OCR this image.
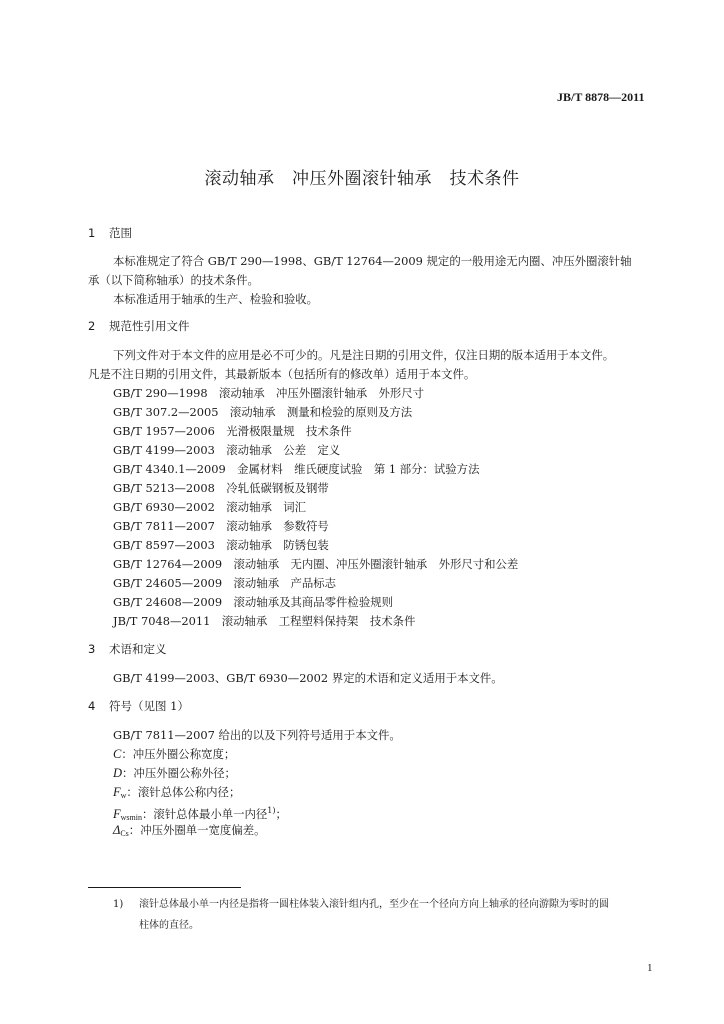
JB/T 8878—2011
滚动轴承　冲压外圈滚针轴承　技术条件
1 范围
本标准规定了符合 GB/T 290—1998、GB/T 12764—2009 规定的一般用途无内圈、冲压外圈滚针轴
承（以下简称轴承）的技术条件。
本标准适用于轴承的生产、检验和验收。
2 规范性引用文件
下列文件对于本文件的应用是必不可少的。凡是注日期的引用文件，仅注日期的版本适用于本文件。
凡是不注日期的引用文件，其最新版本（包括所有的修改单）适用于本文件。
GB/T 290—1998　滚动轴承　冲压外圈滚针轴承　外形尺寸
GB/T 307.2—2005　滚动轴承　测量和检验的原则及方法
GB/T 1957—2006　光滑极限量规　技术条件
GB/T 4199—2003　滚动轴承　公差　定义
GB/T 4340.1—2009　金属材料　维氏硬度试验　第 1 部分：试验方法
GB/T 5213—2008　冷轧低碳钢板及钢带
GB/T 6930—2002　滚动轴承　词汇
GB/T 7811—2007　滚动轴承　参数符号
GB/T 8597—2003　滚动轴承　防锈包装
GB/T 12764—2009　滚动轴承　无内圈、冲压外圈滚针轴承　外形尺寸和公差
GB/T 24605—2009　滚动轴承　产品标志
GB/T 24608—2009　滚动轴承及其商品零件检验规则
JB/T 7048—2011　滚动轴承　工程塑料保持架　技术条件
3 术语和定义
GB/T 4199—2003、GB/T 6930—2002 界定的术语和定义适用于本文件。
4 符号（见图 1）
GB/T 7811—2007 给出的以及下列符号适用于本文件。
C：冲压外圈公称宽度；
D：冲压外圈公称外径；
$F_w$：滚针总体公称内径；
$F_{wsmin}$：滚针总体最小单一内径$^{1)}$；
$\Delta_{Cs}$：冲压外圈单一宽度偏差。
1) 滚针总体最小单一内径是指将一圆柱体装入滚针组内孔，至少在一个径向方向上轴承的径向游隙为零时的圆
柱体的直径。
1
